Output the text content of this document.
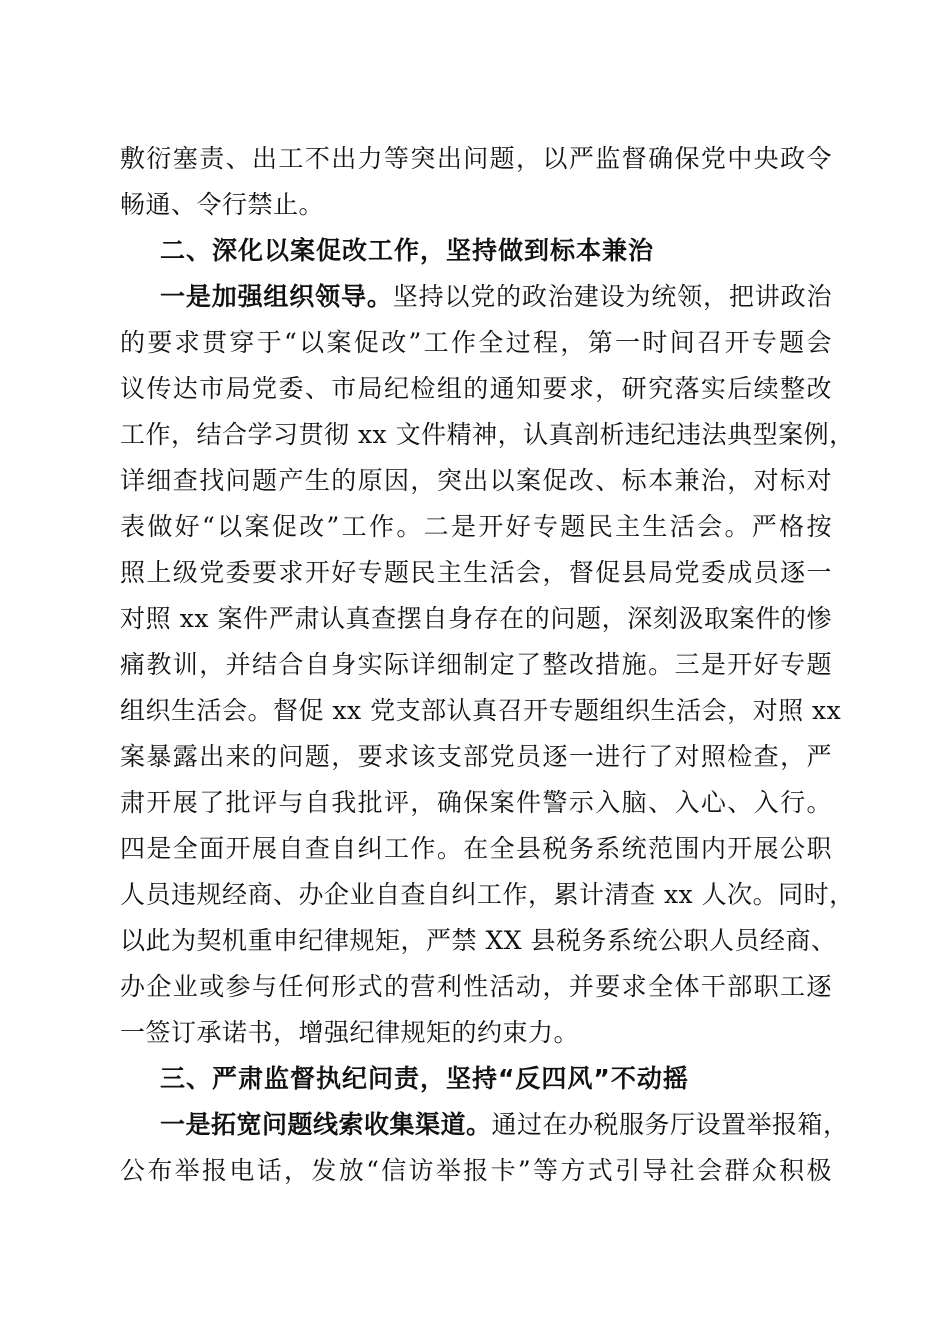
敷衍塞责、出工不出力等突出问题，以严监督确保党中央政令
畅通、令行禁止。
二、深化以案促改工作，坚持做到标本兼治
一是加强组织领导。坚持以党的政治建设为统领，把讲政治
的要求贯穿于“以案促改”工作全过程，第一时间召开专题会
议传达市局党委、市局纪检组的通知要求，研究落实后续整改
工作，结合学习贯彻 xx 文件精神，认真剖析违纪违法典型案例，
详细查找问题产生的原因，突出以案促改、标本兼治，对标对
表做好“以案促改”工作。二是开好专题民主生活会。严格按
照上级党委要求开好专题民主生活会，督促县局党委成员逐一
对照 xx 案件严肃认真查摆自身存在的问题，深刻汲取案件的惨
痛教训，并结合自身实际详细制定了整改措施。三是开好专题
组织生活会。督促 xx 党支部认真召开专题组织生活会，对照 xx
案暴露出来的问题，要求该支部党员逐一进行了对照检查，严
肃开展了批评与自我批评，确保案件警示入脑、入心、入行。
四是全面开展自查自纠工作。在全县税务系统范围内开展公职
人员违规经商、办企业自查自纠工作，累计清查 xx 人次。同时，
以此为契机重申纪律规矩，严禁 XX 县税务系统公职人员经商、
办企业或参与任何形式的营利性活动，并要求全体干部职工逐
一签订承诺书，增强纪律规矩的约束力。
三、严肃监督执纪问责，坚持“反四风”不动摇
一是拓宽问题线索收集渠道。通过在办税服务厅设置举报箱，
公布举报电话，发放“信访举报卡”等方式引导社会群众积极
